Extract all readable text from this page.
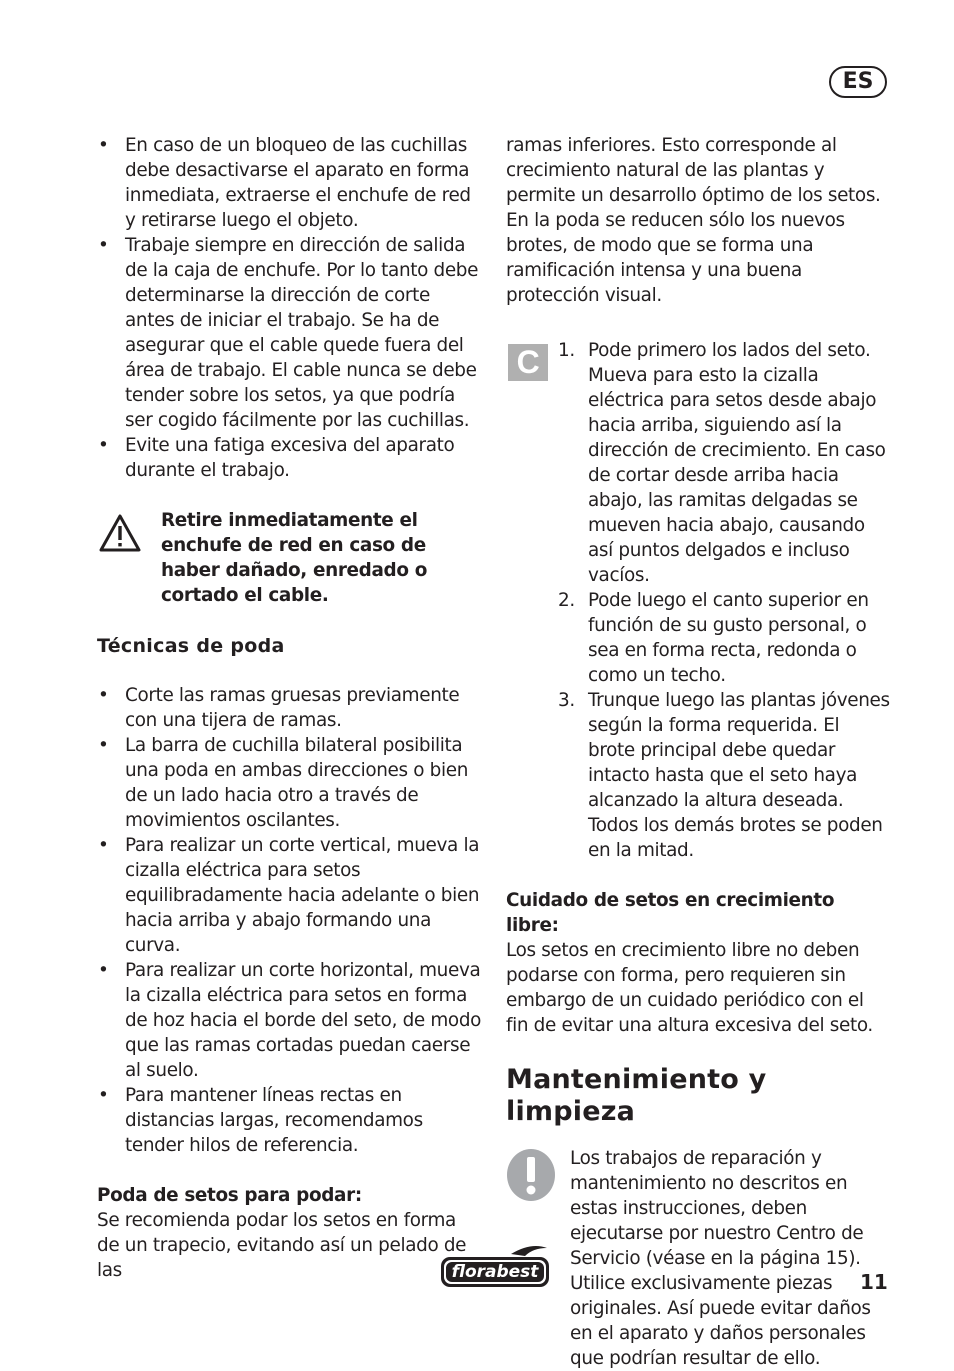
ES
• En caso de un bloqueo de las cuchillas debe desactivarse el aparato en forma inmediata, extraerse el enchufe de red y retirarse luego el objeto.
• Trabaje siempre en dirección de salida de la caja de enchufe. Por lo tanto debe determinarse la dirección de corte antes de iniciar el trabajo. Se ha de asegurar que el cable quede fuera del área de trabajo. El cable nunca se debe tender sobre los setos, ya que podría ser cogido fácilmente por las cuchillas.
• Evite una fatiga excesiva del aparato durante el trabajo.

Retire inmediatamente el enchufe de red en caso de haber dañado, enredado o cortado el cable.

Técnicas de poda
• Corte las ramas gruesas previamente con una tijera de ramas.
• La barra de cuchilla bilateral posibilita una poda en ambas direcciones o bien de un lado hacia otro a través de movimientos oscilantes.
• Para realizar un corte vertical, mueva la cizalla eléctrica para setos equilibradamente hacia adelante o bien hacia arriba y abajo formando una curva.
• Para realizar un corte horizontal, mueva la cizalla eléctrica para setos en forma de hoz hacia el borde del seto, de modo que las ramas cortadas puedan caerse al suelo.
• Para mantener líneas rectas en distancias largas, recomendamos tender hilos de referencia.

Poda de setos para podar:

Se recomienda podar los setos en forma de un trapecio, evitando así un pelado de las

ramas inferiores. Esto corresponde al crecimiento natural de las plantas y permite un desarrollo óptimo de los setos. En la poda se reducen sólo los nuevos brotes, de modo que se forma una ramificación intensa y una buena protección visual.

C	1. Pode primero los lados del seto. Mueva para esto la cizalla eléctrica para setos desde abajo hacia arriba, siguiendo así la dirección de crecimiento. En caso de cortar desde arriba hacia abajo, las ramitas delgadas se mueven hacia abajo, causando así puntos delgados e incluso vacíos.
2. Pode luego el canto superior en función de su gusto personal, o sea en forma recta, redonda o como un techo.
3. Trunque luego las plantas jóvenes según la forma requerida. El brote principal debe quedar intacto hasta que el seto haya alcanzado la altura deseada. Todos los demás brotes se poden en la mitad.

Cuidado de setos en crecimiento libre:

Los setos en crecimiento libre no deben podarse con forma, pero requieren sin embargo de un cuidado periódico con el fin de evitar una altura excesiva del seto.

Mantenimiento y limpieza

Los trabajos de reparación y mantenimiento no descritos en estas instrucciones, deben ejecutarse por nuestro Centro de Servicio (véase en la página 15). Utilice exclusivamente piezas originales. Así puede evitar daños en el aparato y daños personales que podrían resultar de ello.

florabest	11
